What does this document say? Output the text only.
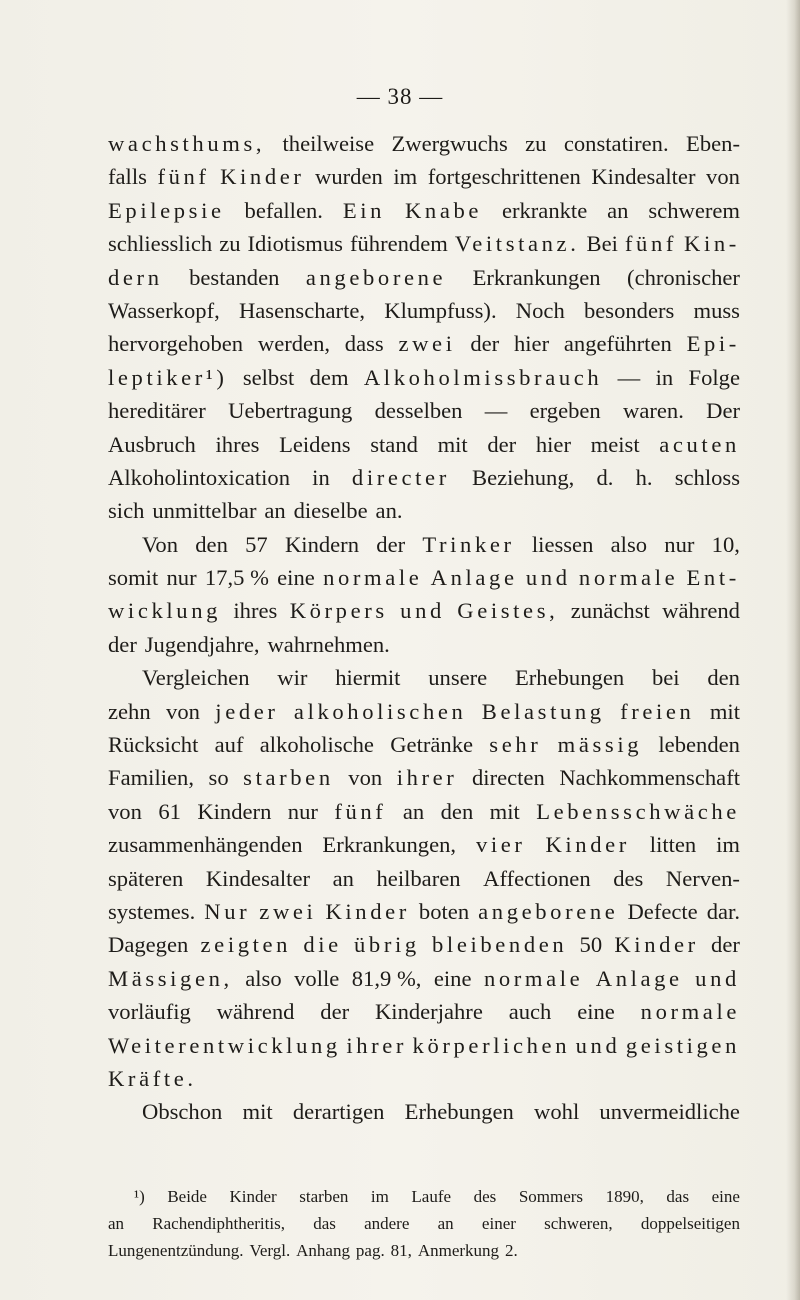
— 38 —
wachsthums, theilweise Zwergwuchs zu constatiren. Eben-
falls fünf Kinder wurden im fortgeschrittenen Kindesalter von
Epilepsie befallen. Ein Knabe erkrankte an schwerem
schliesslich zu Idiotismus führendem Veitstanz. Bei fünf Kin-
dern bestanden angeborene Erkrankungen (chronischer
Wasserkopf, Hasenscharte, Klumpfuss). Noch besonders muss
hervorgehoben werden, dass zwei der hier angeführten Epi-
leptiker¹) selbst dem Alkoholmissbrauch — in Folge
hereditärer Uebertragung desselben — ergeben waren. Der
Ausbruch ihres Leidens stand mit der hier meist acuten
Alkoholintoxication in directer Beziehung, d. h. schloss
sich unmittelbar an dieselbe an.
Von den 57 Kindern der Trinker liessen also nur 10,
somit nur 17,5 % eine normale Anlage und normale Ent-
wicklung ihres Körpers und Geistes, zunächst während
der Jugendjahre, wahrnehmen.
Vergleichen wir hiermit unsere Erhebungen bei den
zehn von jeder alkoholischen Belastung freien mit
Rücksicht auf alkoholische Getränke sehr mässig lebenden
Familien, so starben von ihrer directen Nachkommenschaft
von 61 Kindern nur fünf an den mit Lebensschwäche
zusammenhängenden Erkrankungen, vier Kinder litten im
späteren Kindesalter an heilbaren Affectionen des Nerven-
systemes. Nur zwei Kinder boten angeborene Defecte dar.
Dagegen zeigten die übrig bleibenden 50 Kinder der
Mässigen, also volle 81,9 %, eine normale Anlage und
vorläufig während der Kinderjahre auch eine normale
Weiterentwicklung ihrer körperlichen und geistigen
Kräfte.
Obschon mit derartigen Erhebungen wohl unvermeidliche
¹) Beide Kinder starben im Laufe des Sommers 1890, das eine
an Rachendiphtheritis, das andere an einer schweren, doppelseitigen
Lungenentzündung. Vergl. Anhang pag. 81, Anmerkung 2.
